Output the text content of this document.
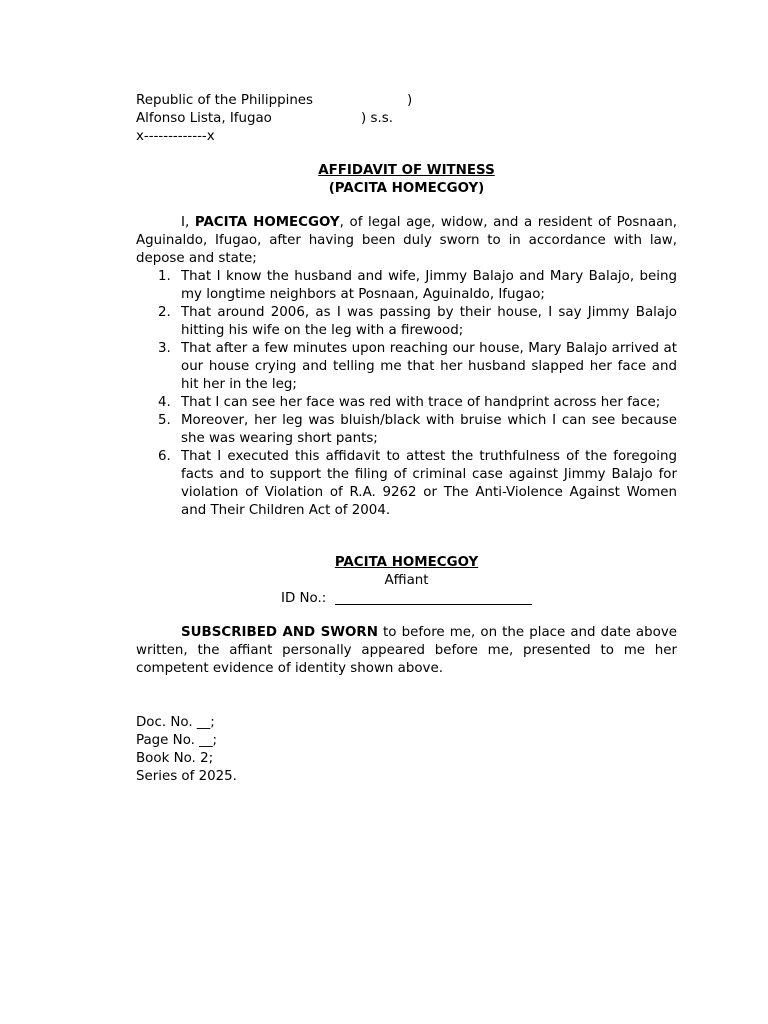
Republic of the Philippines	)
Alfonso Lista, Ifugao	) s.s.
x-------------x
AFFIDAVIT OF WITNESS
(PACITA HOMECGOY)
I, PACITA HOMECGOY, of legal age, widow, and a resident of Posnaan, Aguinaldo, Ifugao, after having been duly sworn to in accordance with law, depose and state;
1. That I know the husband and wife, Jimmy Balajo and Mary Balajo, being my longtime neighbors at Posnaan, Aguinaldo, Ifugao;
2. That around 2006, as I was passing by their house, I say Jimmy Balajo hitting his wife on the leg with a firewood;
3. That after a few minutes upon reaching our house, Mary Balajo arrived at our house crying and telling me that her husband slapped her face and hit her in the leg;
4. That I can see her face was red with trace of handprint across her face;
5. Moreover, her leg was bluish/black with bruise which I can see because she was wearing short pants;
6. That I executed this affidavit to attest the truthfulness of the foregoing facts and to support the filing of criminal case against Jimmy Balajo for violation of Violation of R.A. 9262 or The Anti-Violence Against Women and Their Children Act of 2004.
PACITA HOMECGOY
Affiant
ID No.:
SUBSCRIBED AND SWORN to before me, on the place and date above written, the affiant personally appeared before me, presented to me her competent evidence of identity shown above.
Doc. No. __;
Page No. __;
Book No. 2;
Series of 2025.
